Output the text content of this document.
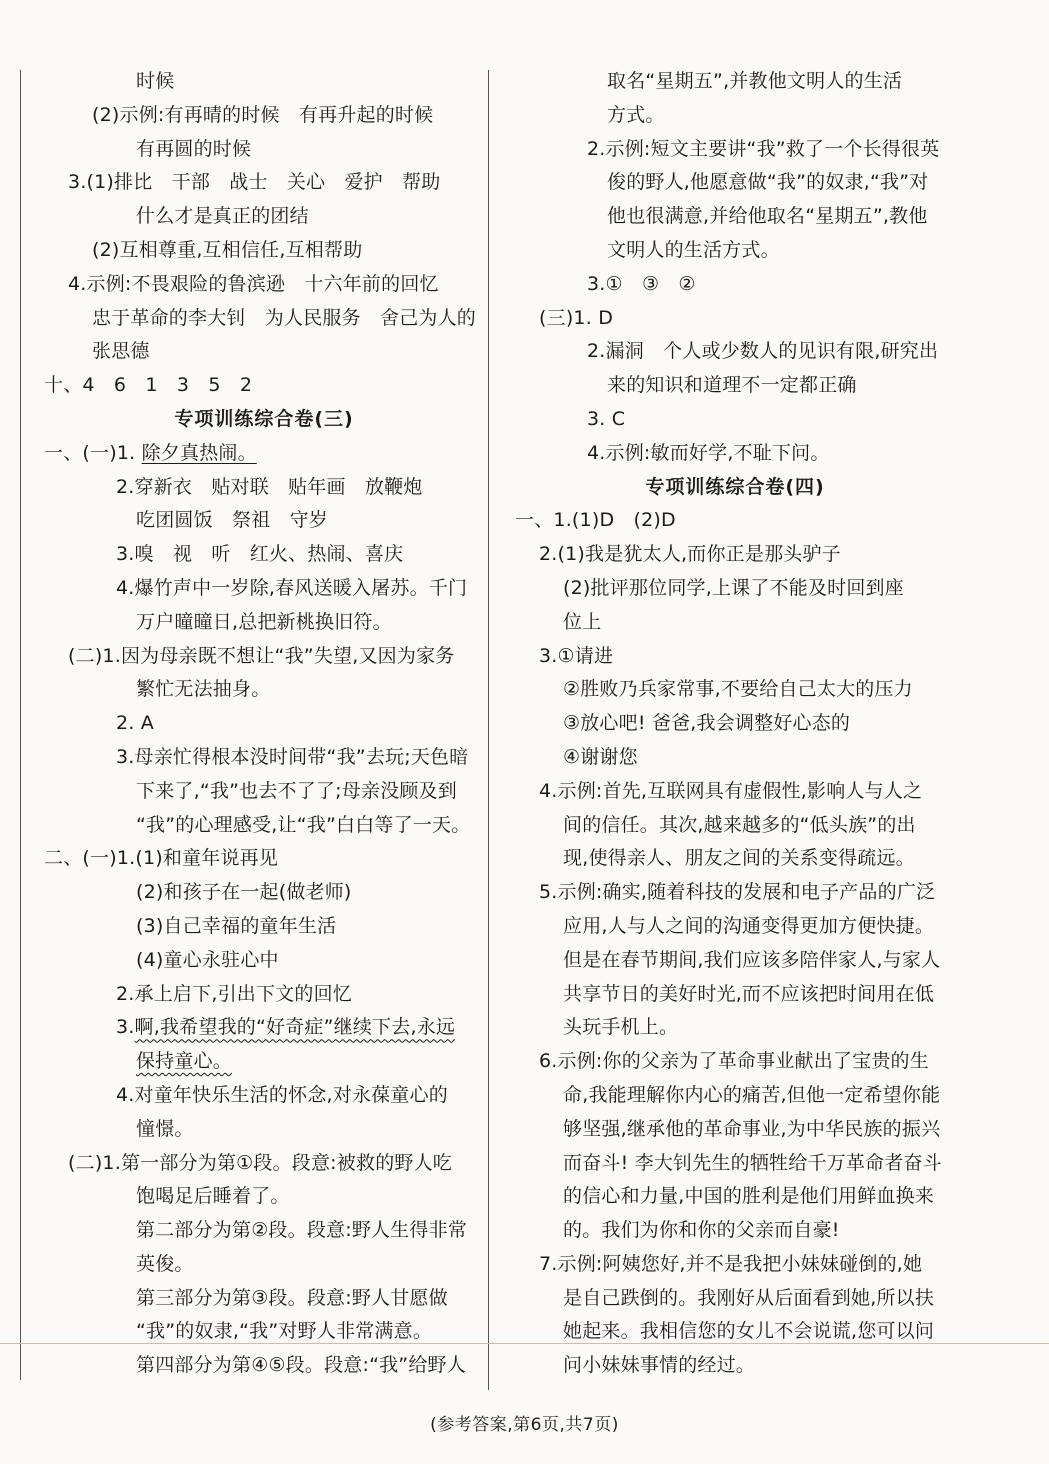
时候
(2)示例:有再晴的时候　有再升起的时候
有再圆的时候
3.(1)排比　干部　战士　关心　爱护　帮助
什么才是真正的团结
(2)互相尊重,互相信任,互相帮助
4.示例:不畏艰险的鲁滨逊　十六年前的回忆
忠于革命的李大钊　为人民服务　舍己为人的
张思德
十、4　6　1　3　5　2
专项训练综合卷(三)
一、(一)1. 除夕真热闹。
2.穿新衣　贴对联　贴年画　放鞭炮
吃团圆饭　祭祖　守岁
3.嗅　视　听　红火、热闹、喜庆
4.爆竹声中一岁除,春风送暖入屠苏。千门
万户曈曈日,总把新桃换旧符。
(二)1.因为母亲既不想让“我”失望,又因为家务
繁忙无法抽身。
2. A
3.母亲忙得根本没时间带“我”去玩;天色暗
下来了,“我”也去不了了;母亲没顾及到
“我”的心理感受,让“我”白白等了一天。
二、(一)1.(1)和童年说再见
(2)和孩子在一起(做老师)
(3)自己幸福的童年生活
(4)童心永驻心中
2.承上启下,引出下文的回忆
3.啊,我希望我的“好奇症”继续下去,永远
保持童心。
4.对童年快乐生活的怀念,对永葆童心的
憧憬。
(二)1.第一部分为第①段。段意:被救的野人吃
饱喝足后睡着了。
第二部分为第②段。段意:野人生得非常
英俊。
第三部分为第③段。段意:野人甘愿做
“我”的奴隶,“我”对野人非常满意。
第四部分为第④⑤段。段意:“我”给野人
取名“星期五”,并教他文明人的生活
方式。
2.示例:短文主要讲“我”救了一个长得很英
俊的野人,他愿意做“我”的奴隶,“我”对
他也很满意,并给他取名“星期五”,教他
文明人的生活方式。
3.①　③　②
(三)1. D
2.漏洞　个人或少数人的见识有限,研究出
来的知识和道理不一定都正确
3. C
4.示例:敏而好学,不耻下问。
专项训练综合卷(四)
一、1.(1)D　(2)D
2.(1)我是犹太人,而你正是那头驴子
(2)批评那位同学,上课了不能及时回到座
位上
3.①请进
②胜败乃兵家常事,不要给自己太大的压力
③放心吧! 爸爸,我会调整好心态的
④谢谢您
4.示例:首先,互联网具有虚假性,影响人与人之
间的信任。其次,越来越多的“低头族”的出
现,使得亲人、朋友之间的关系变得疏远。
5.示例:确实,随着科技的发展和电子产品的广泛
应用,人与人之间的沟通变得更加方便快捷。
但是在春节期间,我们应该多陪伴家人,与家人
共享节日的美好时光,而不应该把时间用在低
头玩手机上。
6.示例:你的父亲为了革命事业献出了宝贵的生
命,我能理解你内心的痛苦,但他一定希望你能
够坚强,继承他的革命事业,为中华民族的振兴
而奋斗! 李大钊先生的牺牲给千万革命者奋斗
的信心和力量,中国的胜利是他们用鲜血换来
的。我们为你和你的父亲而自豪!
7.示例:阿姨您好,并不是我把小妹妹碰倒的,她
是自己跌倒的。我刚好从后面看到她,所以扶
她起来。我相信您的女儿不会说谎,您可以问
问小妹妹事情的经过。
(参考答案,第6页,共7页)
